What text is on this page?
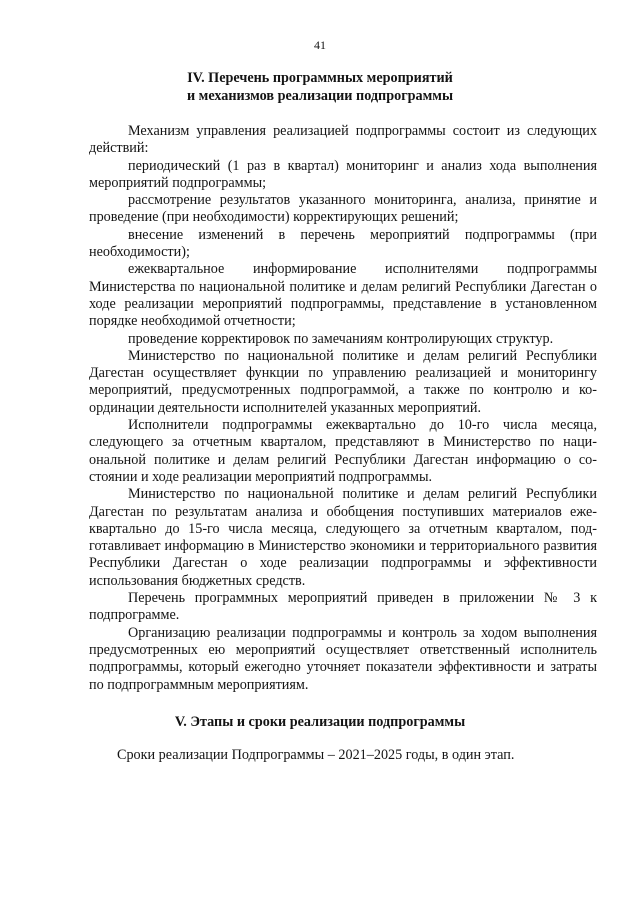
41
IV. Перечень программных мероприятий
и механизмов реализации подпрограммы

Механизм управления реализацией подпрограммы состоит из следующих действий:

периодический (1 раз в квартал) мониторинг и анализ хода выполнения мероприятий подпрограммы;

рассмотрение результатов указанного мониторинга, анализа, принятие и проведение (при необходимости) корректирующих решений;

внесение изменений в перечень мероприятий подпрограммы (при необходимости);

ежеквартальное информирование исполнителями подпрограммы Министерства по национальной политике и делам религий Республики Дагестан о ходе реализации мероприятий подпрограммы, представление в установленном порядке необходимой отчетности;

проведение корректировок по замечаниям контролирующих структур.

Министерство по национальной политике и делам религий Республики Дагестан осуществляет функции по управлению реализацией и мониторингу мероприятий, предусмотренных подпрограммой, а также по контролю и координации деятельности исполнителей указанных мероприятий.

Исполнители подпрограммы ежеквартально до 10-го числа месяца, следующего за отчетным кварталом, представляют в Министерство по национальной политике и делам религий Республики Дагестан информацию о состоянии и ходе реализации мероприятий подпрограммы.

Министерство по национальной политике и делам религий Республики Дагестан по результатам анализа и обобщения поступивших материалов ежеквартально до 15-го числа месяца, следующего за отчетным кварталом, подготавливает информацию в Министерство экономики и территориального развития Республики Дагестан о ходе реализации подпрограммы и эффективности использования бюджетных средств.

Перечень программных мероприятий приведен в приложении № 3 к подпрограмме.

Организацию реализации подпрограммы и контроль за ходом выполнения предусмотренных ею мероприятий осуществляет ответственный исполнитель подпрограммы, который ежегодно уточняет показатели эффективности и затраты по подпрограммным мероприятиям.

V. Этапы и сроки реализации подпрограммы

Сроки реализации Подпрограммы – 2021–2025 годы, в один этап.
